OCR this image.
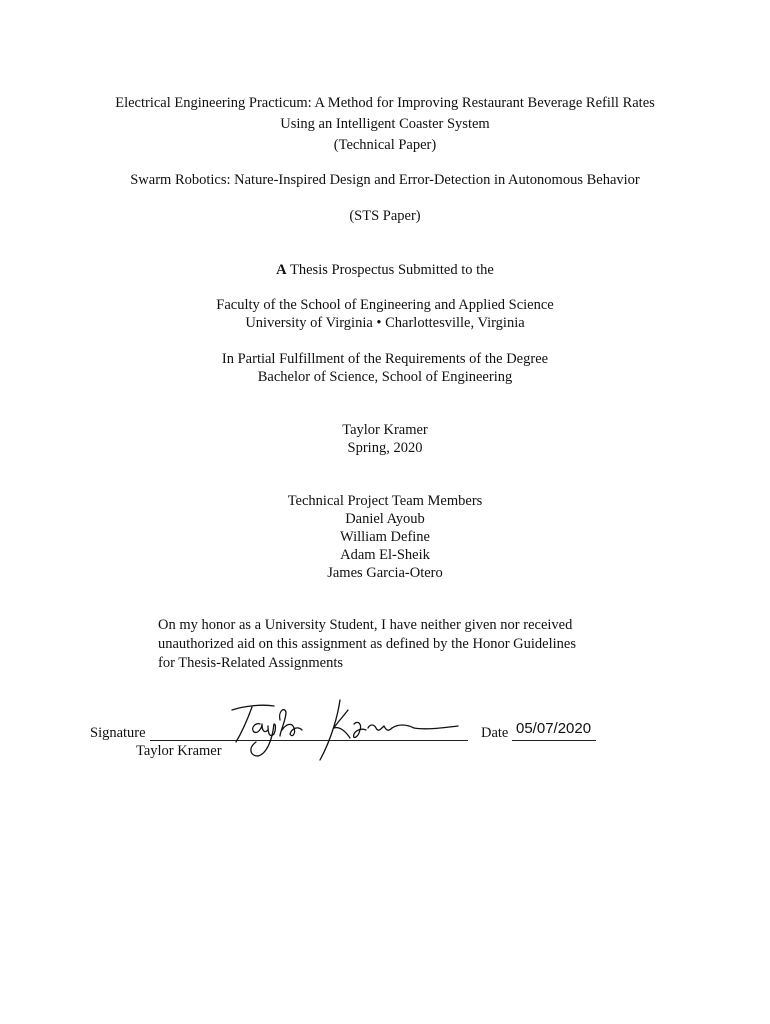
Electrical Engineering Practicum: A Method for Improving Restaurant Beverage Refill Rates
Using an Intelligent Coaster System
(Technical Paper)
Swarm Robotics: Nature-Inspired Design and Error-Detection in Autonomous Behavior
(STS Paper)
A Thesis Prospectus Submitted to the
Faculty of the School of Engineering and Applied Science
University of Virginia • Charlottesville, Virginia
In Partial Fulfillment of the Requirements of the Degree
Bachelor of Science, School of Engineering
Taylor Kramer
Spring, 2020
Technical Project Team Members
Daniel Ayoub
William Define
Adam El-Sheik
James Garcia-Otero
On my honor as a University Student, I have neither given nor received
unauthorized aid on this assignment as defined by the Honor Guidelines
for Thesis-Related Assignments
Signature
Taylor Kramer
Date 05/07/2020
